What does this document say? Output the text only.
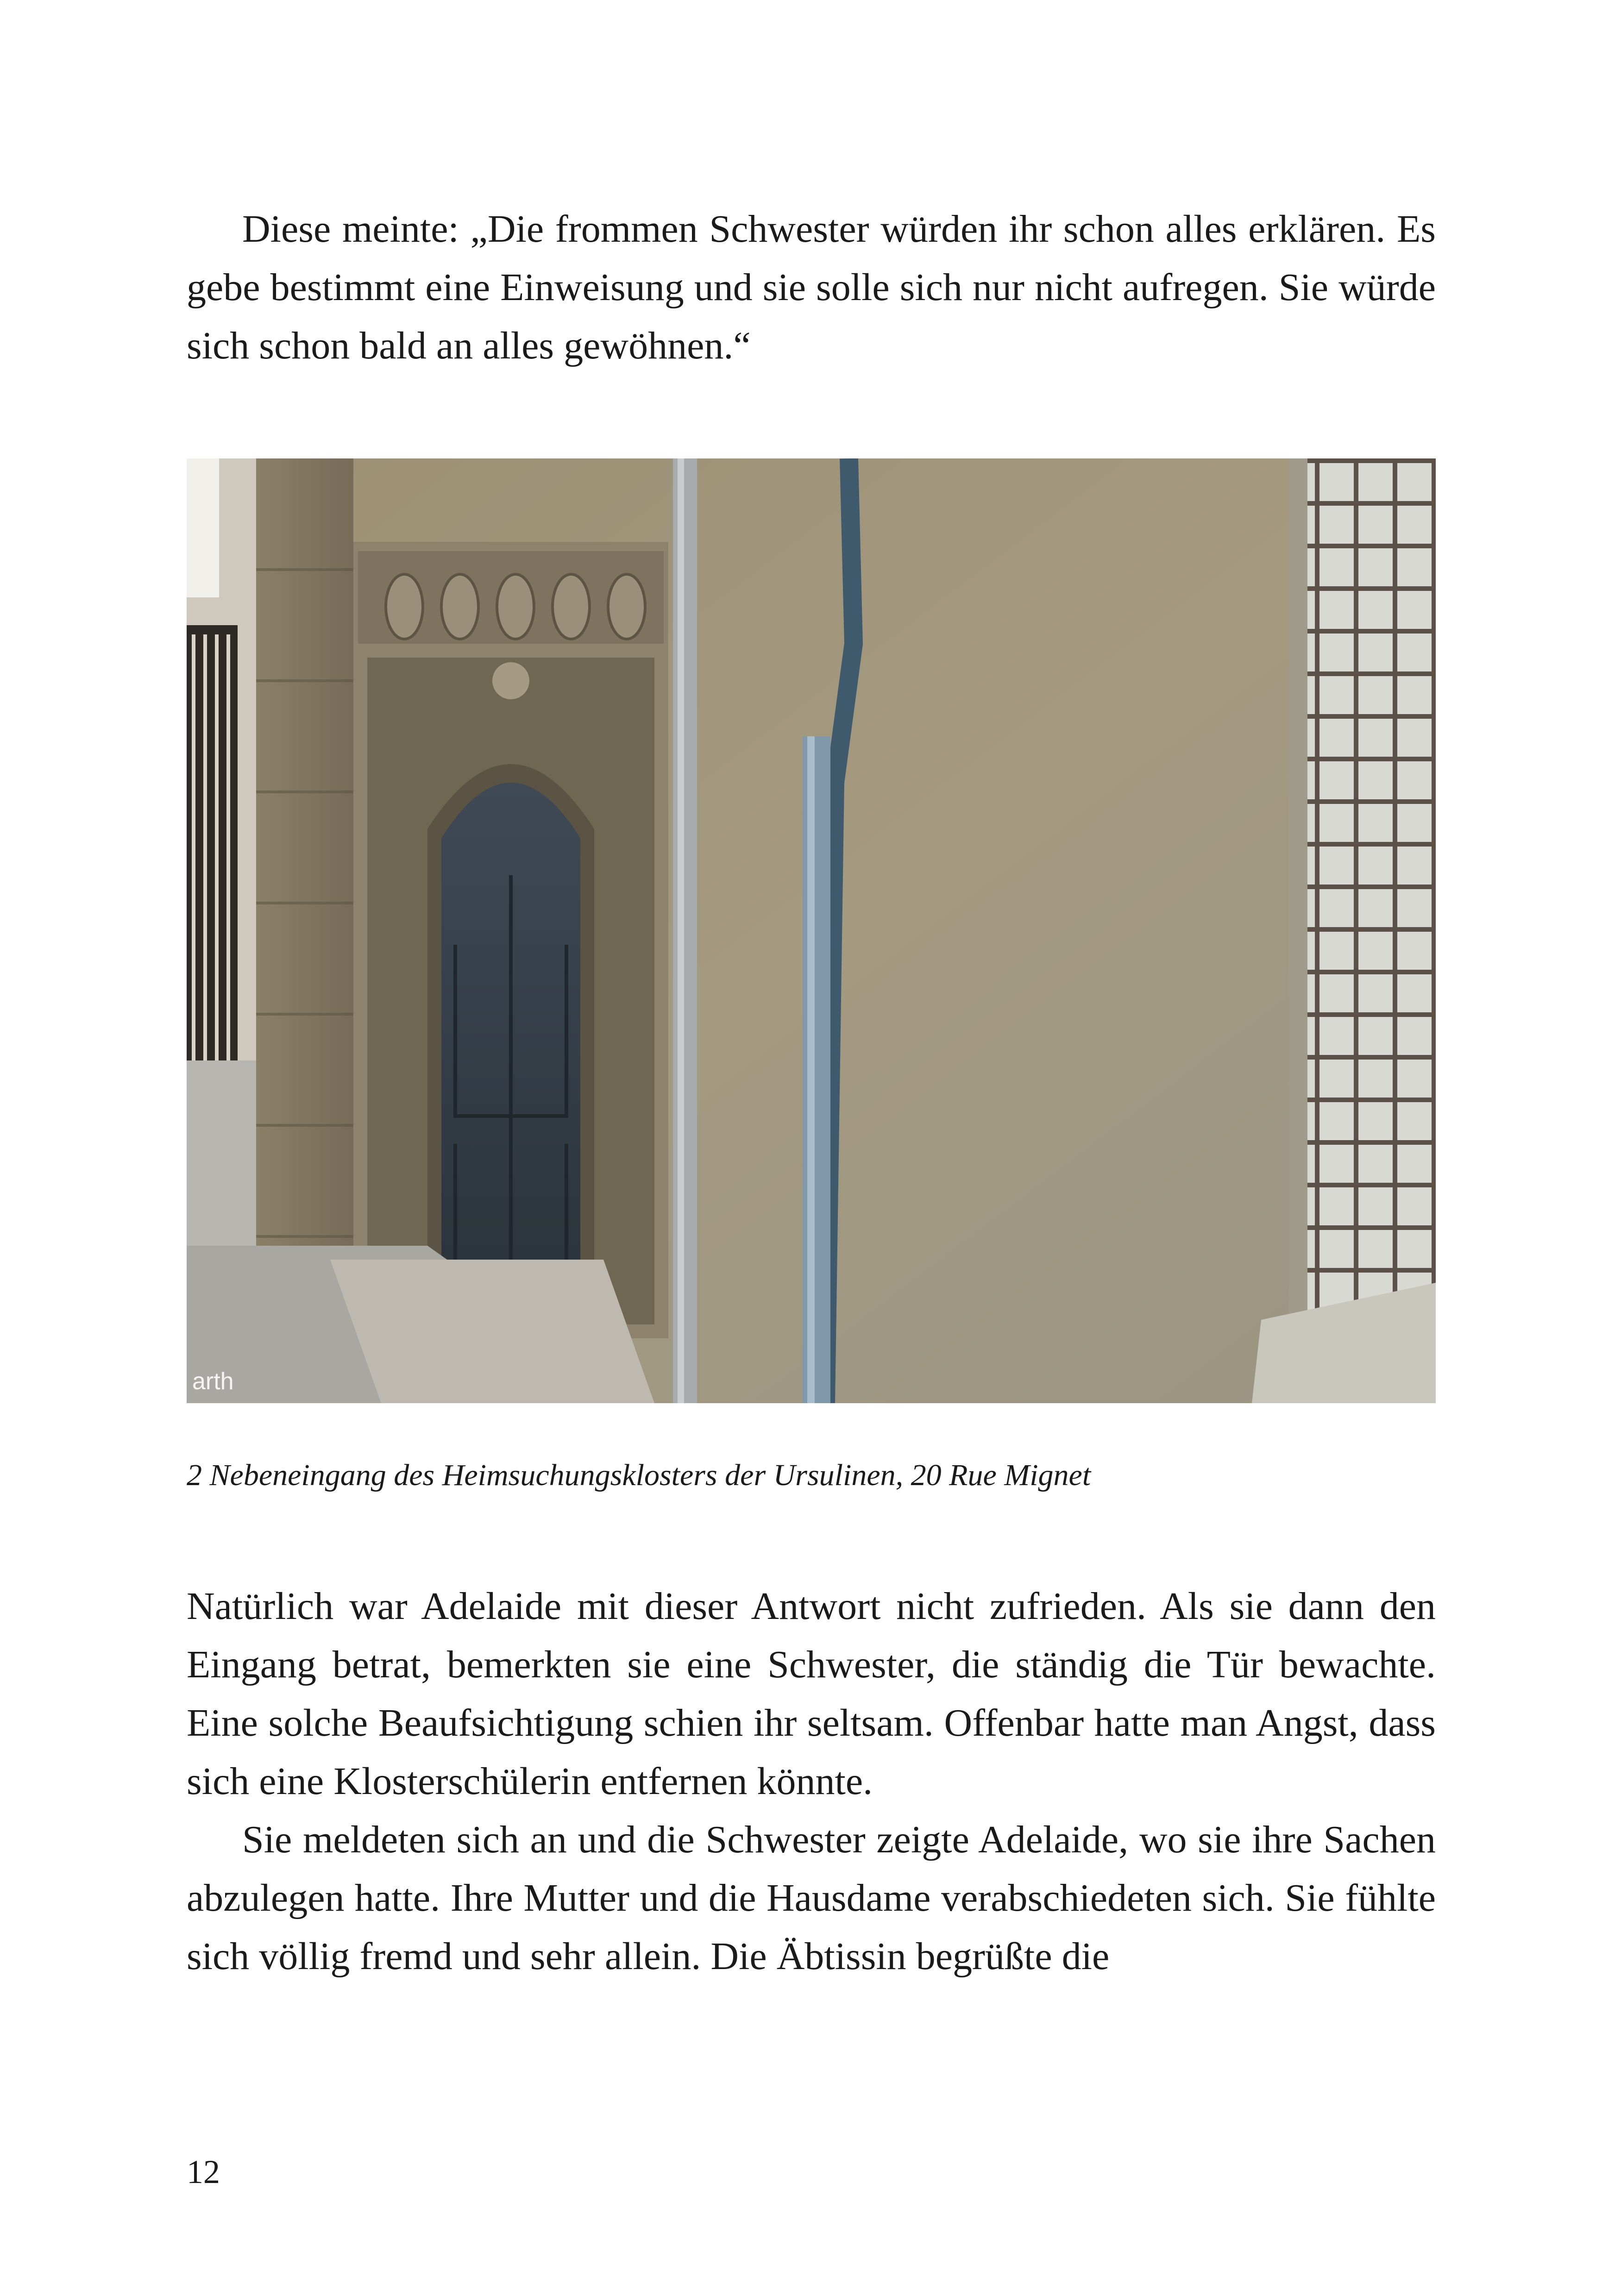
Diese meinte: „Die frommen Schwester würden ihr schon alles erklären. Es gebe bestimmt eine Einweisung und sie solle sich nur nicht aufregen. Sie würde sich schon bald an alles gewöhnen.“

arth

2 Nebeneingang des Heimsuchungsklosters der Ursulinen, 20 Rue Mignet

Natürlich war Adelaide mit dieser Antwort nicht zufrieden. Als sie dann den Eingang betrat, bemerkten sie eine Schwester, die ständig die Tür bewachte. Eine solche Beaufsichtigung schien ihr seltsam. Offenbar hatte man Angst, dass sich eine Klosterschülerin entfernen könnte.

Sie meldeten sich an und die Schwester zeigte Adelaide, wo sie ihre Sachen abzulegen hatte. Ihre Mutter und die Hausdame verabschiedeten sich. Sie fühlte sich völlig fremd und sehr allein. Die Äbtissin begrüßte die

12
